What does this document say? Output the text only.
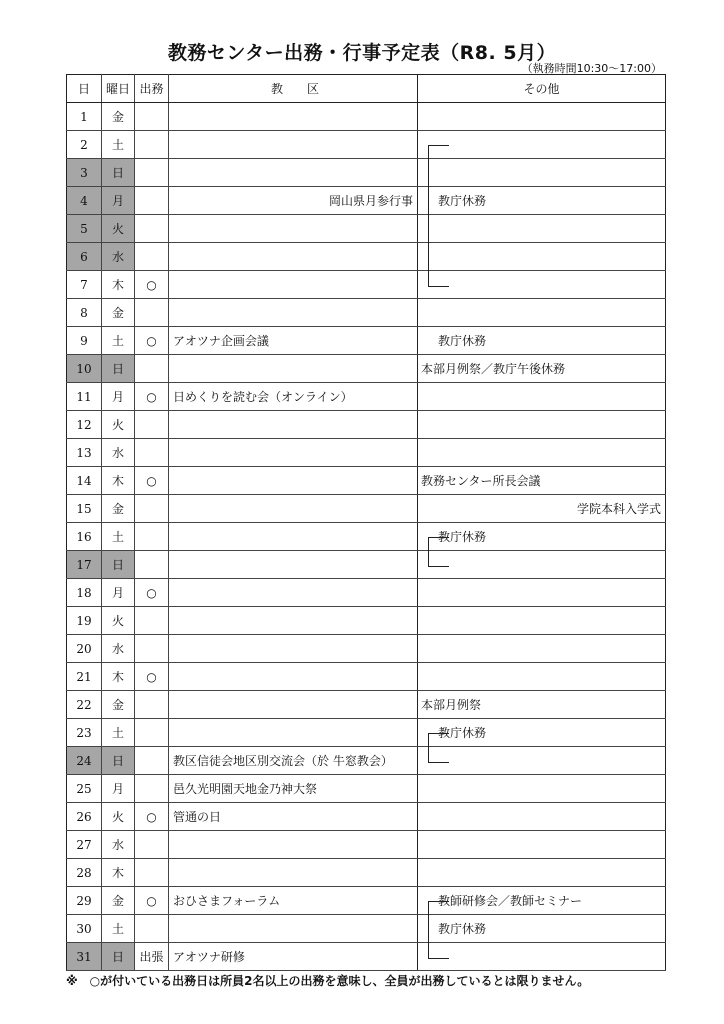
教務センター出務・行事予定表（R8. 5月）
（執務時間10:30～17:00）
日	曜日	出務	教　　区	その他
1	金			
2	土			

3	日			
4	月		岡山県月参行事	教庁休務
5	火			
6	水			
7	木	○		
8	金			
9	土	○	アオツナ企画会議	教庁休務
10	日			本部月例祭／教庁午後休務
11	月	○	日めくりを読む会（オンライン）	
12	火			
13	水			
14	木	○		教務センター所長会議
15	金			学院本科入学式
16	土			教庁休務

17	日			
18	月	○		
19	火			
20	水			
21	木	○		
22	金			本部月例祭
23	土			教庁休務

24	日		教区信徒会地区別交流会（於 牛窓教会）	
25	月		邑久光明園天地金乃神大祭	
26	火	○	管通の日	
27	水			
28	木			
29	金	○	おひさまフォーラム	教師研修会／教師セミナー

30	土			教庁休務
31	日	出張	アオツナ研修	
※　○が付いている出務日は所員2名以上の出務を意味し、全員が出務しているとは限りません。
